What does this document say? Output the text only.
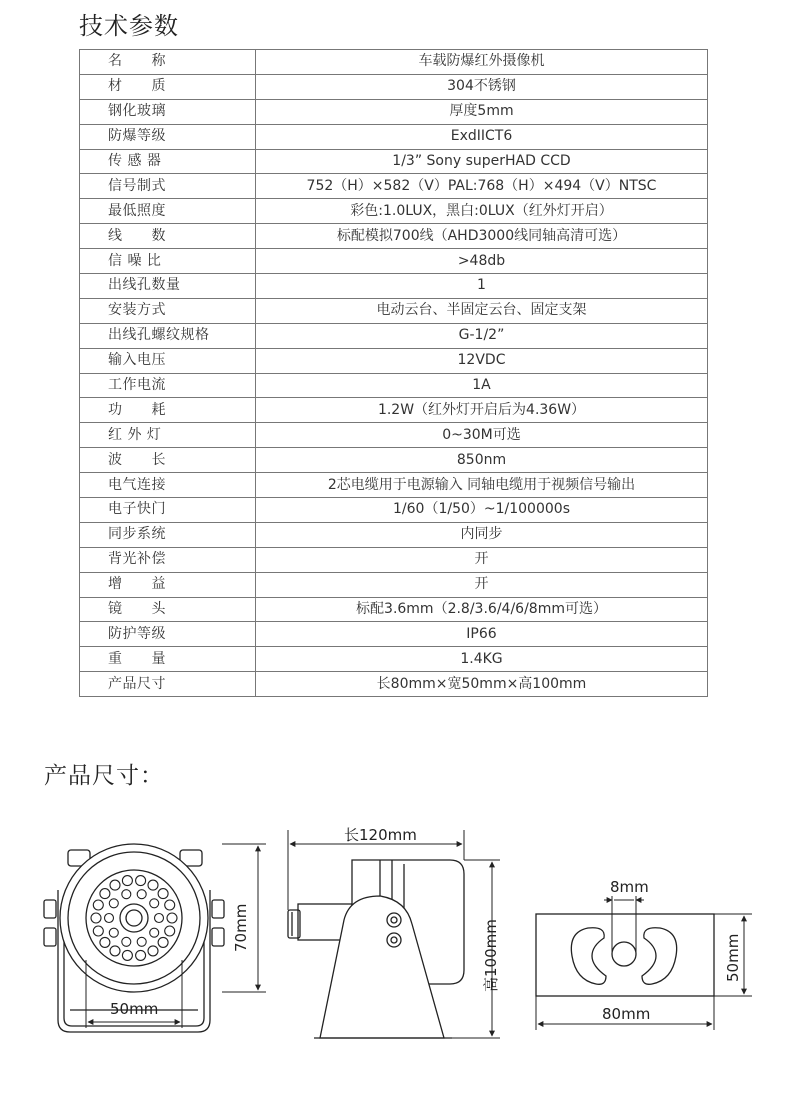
技术参数
名　　称	车载防爆红外摄像机
材　　质	304不锈钢
钢化玻璃	厚度5mm
防爆等级	ExdIICT6
传 感 器	1/3” Sony superHAD CCD
信号制式	752（H）×582（V）PAL:768（H）×494（V）NTSC
最低照度	彩色:1.0LUX，黑白:0LUX（红外灯开启）
线　　数	标配模拟700线（AHD3000线同轴高清可选）
信 噪 比	>48db
出线孔数量	1
安装方式	电动云台、半固定云台、固定支架
出线孔螺纹规格	G-1/2”
输入电压	12VDC
工作电流	1A
功　　耗	1.2W（红外灯开启后为4.36W）
红 外 灯	0~30M可选
波　　长	850nm
电气连接	2芯电缆用于电源输入 同轴电缆用于视频信号输出
电子快门	1/60（1/50）~1/100000s
同步系统	内同步
背光补偿	开
增　　益	开
镜　　头	标配3.6mm（2.8/3.6/4/6/8mm可选）
防护等级	IP66
重　　量	1.4KG
产品尺寸	长80mm×宽50mm×高100mm
产品尺寸：
70mm
50mm
长120mm
高100mm
8mm
50mm
80mm
